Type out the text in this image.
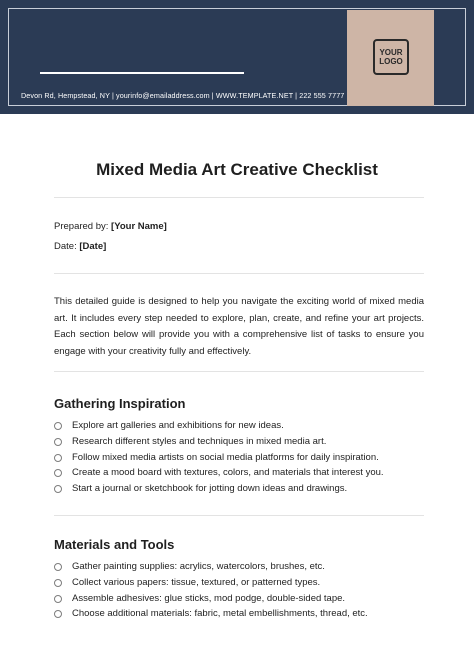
Devon Rd, Hempstead, NY | yourinfo@emailaddress.com | WWW.TEMPLATE.NET | 222 555 7777
YOUR
LOGO
Mixed Media Art Creative Checklist
Prepared by: [Your Name]
Date: [Date]
This detailed guide is designed to help you navigate the exciting world of mixed media art. It includes every step needed to explore, plan, create, and refine your art projects. Each section below will provide you with a comprehensive list of tasks to ensure you engage with your creativity fully and effectively.
Gathering Inspiration
Explore art galleries and exhibitions for new ideas.
Research different styles and techniques in mixed media art.
Follow mixed media artists on social media platforms for daily inspiration.
Create a mood board with textures, colors, and materials that interest you.
Start a journal or sketchbook for jotting down ideas and drawings.
Materials and Tools
Gather painting supplies: acrylics, watercolors, brushes, etc.
Collect various papers: tissue, textured, or patterned types.
Assemble adhesives: glue sticks, mod podge, double-sided tape.
Choose additional materials: fabric, metal embellishments, thread, etc.
